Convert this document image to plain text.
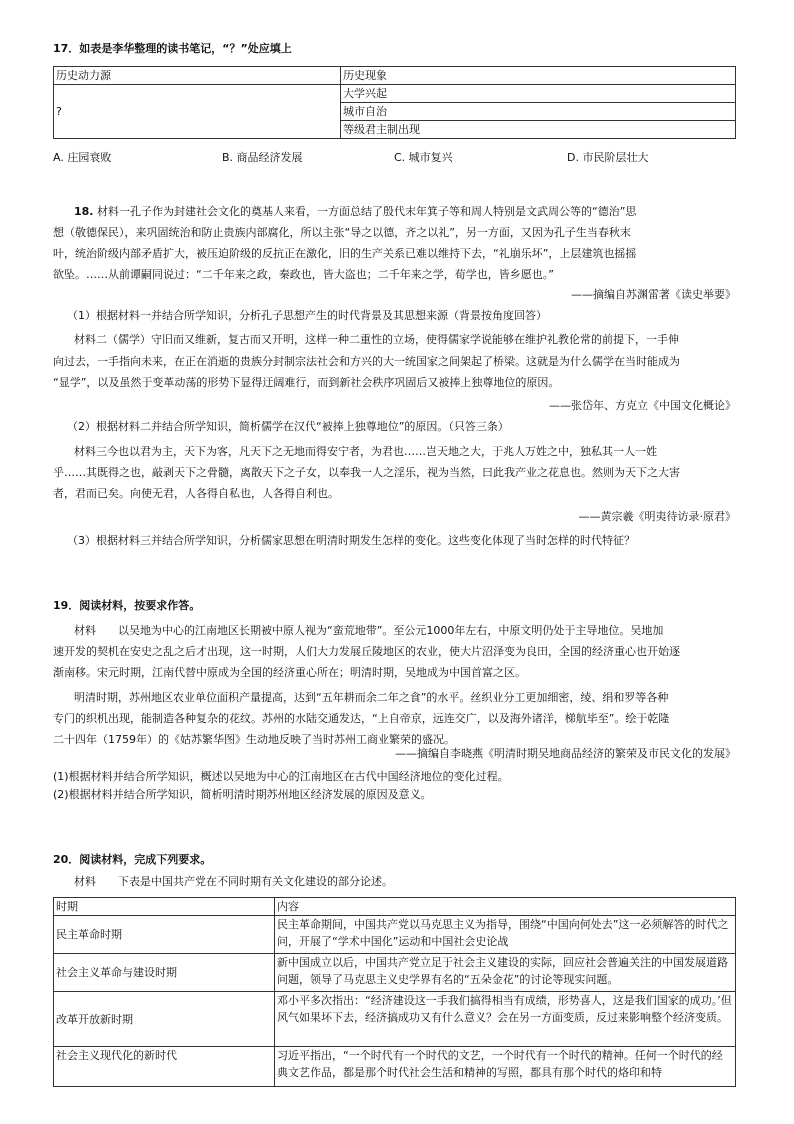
17．如表是李华整理的读书笔记，“？”处应填上
历史动力源	历史现象
?	大学兴起
	城市自治
	等级君主制出现
A. 庄园衰败	B. 商品经济发展	C. 城市复兴	D. 市民阶层壮大
18. 材料一孔子作为封建社会文化的奠基人来看，一方面总结了殷代末年箕子等和周人特别是文武周公等的“德治”思
想（敬德保民），来巩固统治和防止贵族内部腐化，所以主张“导之以德，齐之以礼”，另一方面，又因为孔子生当春秋末
叶，统治阶级内部矛盾扩大，被压迫阶级的反抗正在激化，旧的生产关系已难以维持下去，“礼崩乐坏”，上层建筑也摇摇
欲坠。……从前谭嗣同说过：“二千年来之政，秦政也，皆大盗也；二千年来之学，荀学也，皆乡愿也。”
——摘编自苏渊雷著《读史举要》
（1）根据材料一并结合所学知识，分析孔子思想产生的时代背景及其思想来源（背景按角度回答）
材料二（儒学）守旧而又维新，复古而又开明，这样一种二重性的立场，使得儒家学说能够在维护礼教伦常的前提下，一手伸
向过去，一手指向未来，在正在消逝的贵族分封制宗法社会和方兴的大一统国家之间架起了桥梁。这就是为什么儒学在当时能成为
“显学”，以及虽然于变革动荡的形势下显得迂阔难行，而到新社会秩序巩固后又被捧上独尊地位的原因。
——张岱年、方克立《中国文化概论》
（2）根据材料二并结合所学知识，简析儒学在汉代“被捧上独尊地位”的原因。（只答三条）
材料三今也以君为主，天下为客，凡天下之无地而得安宁者，为君也……岂天地之大，于兆人万姓之中，独私其一人一姓
乎……其既得之也，敲剥天下之骨髓，离散天下之子女，以奉我一人之淫乐，视为当然，曰此我产业之花息也。然则为天下之大害
者，君而已矣。向使无君，人各得自私也，人各得自利也。
——黄宗羲《明夷待访录·原君》
（3）根据材料三并结合所学知识，分析儒家思想在明清时期发生怎样的变化。这些变化体现了当时怎样的时代特征？
19．阅读材料，按要求作答。
材料　　以吴地为中心的江南地区长期被中原人视为“蛮荒地带”。至公元1000年左右，中原文明仍处于主导地位。吴地加
速开发的契机在安史之乱之后才出现，这一时期，人们大力发展丘陵地区的农业，使大片沼泽变为良田，全国的经济重心也开始逐
渐南移。宋元时期，江南代替中原成为全国的经济重心所在；明清时期，吴地成为中国首富之区。
明清时期，苏州地区农业单位面积产量提高，达到“五年耕而余二年之食”的水平。丝织业分工更加细密，绫、绢和罗等各种
专门的织机出现，能制造各种复杂的花纹。苏州的水陆交通发达，“上自帝京，远连交广，以及海外诸洋，梯航毕至”。绘于乾隆
二十四年（1759年）的《姑苏繁华图》生动地反映了当时苏州工商业繁荣的盛况。
——摘编自李晓燕《明清时期吴地商品经济的繁荣及市民文化的发展》
(1)根据材料并结合所学知识，概述以吴地为中心的江南地区在古代中国经济地位的变化过程。
(2)根据材料并结合所学知识，简析明清时期苏州地区经济发展的原因及意义。
20．阅读材料，完成下列要求。
材料　　下表是中国共产党在不同时期有关文化建设的部分论述。
时期	内容
民主革命时期	民主革命期间，中国共产党以马克思主义为指导，围绕“中国向何处去”这一必须解答的时代之问，开展了“学术中国化”运动和中国社会史论战
社会主义革命与建设时期	新中国成立以后，中国共产党立足于社会主义建设的实际，回应社会普遍关注的中国发展道路问题，领导了马克思主义史学界有名的“五朵金花”的讨论等现实问题。
改革开放新时期	邓小平多次指出：“经济建设这一手我们搞得相当有成绩，形势喜人，这是我们国家的成功。’但风气如果坏下去，经济搞成功又有什么意义？会在另一方面变质，反过来影响整个经济变质。
社会主义现代化的新时代	习近平指出，“一个时代有一个时代的文艺，一个时代有一个时代的精神。任何一个时代的经典文艺作品，都是那个时代社会生活和精神的写照，都具有那个时代的烙印和特
